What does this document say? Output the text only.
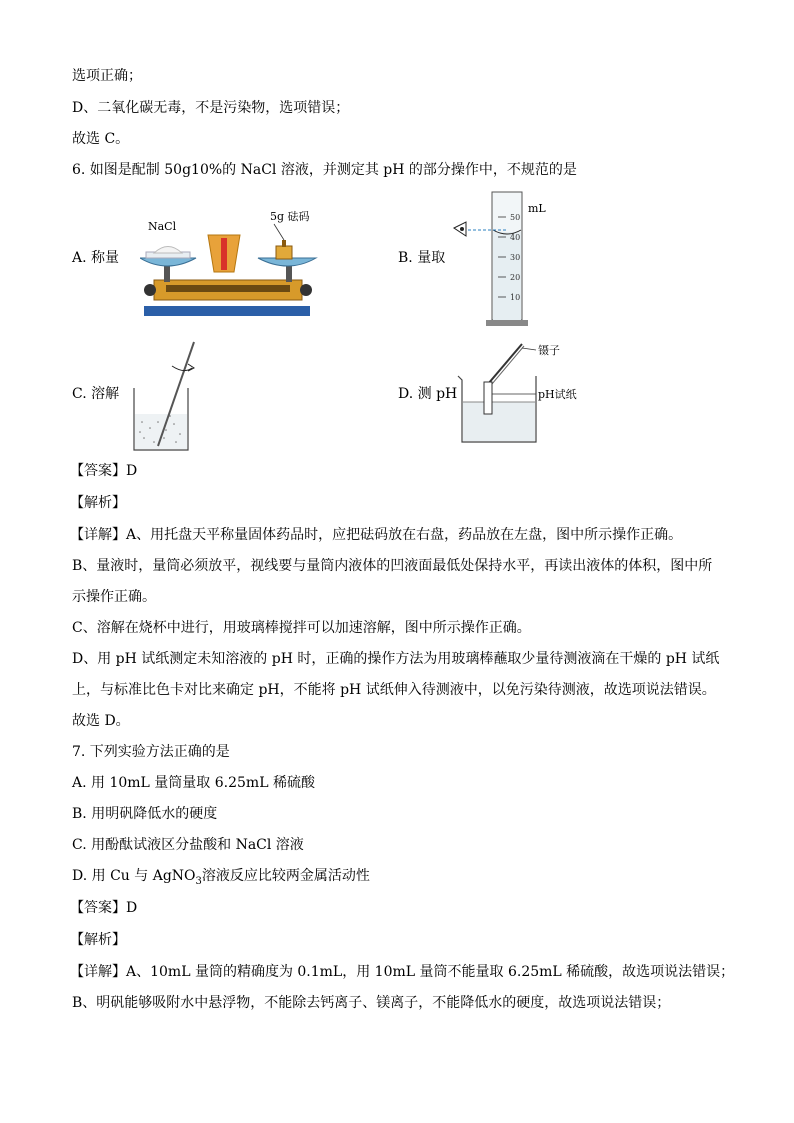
选项正确；
D、二氧化碳无毒，不是污染物，选项错误；
故选 C。
6. 如图是配制 50g10%的 NaCl 溶液，并测定其 pH 的部分操作中，不规范的是
A. 称量
NaCl
5g 砝码
B. 量取
mL
50
40
30
20
10
C. 溶解	D. 测 pH
镊子
pH试纸
【答案】D
【解析】
【详解】A、用托盘天平称量固体药品时，应把砝码放在右盘，药品放在左盘，图中所示操作正确。
B、量液时，量筒必须放平，视线要与量筒内液体的凹液面最低处保持水平，再读出液体的体积，图中所
示操作正确。
C、溶解在烧杯中进行，用玻璃棒搅拌可以加速溶解，图中所示操作正确。
D、用 pH 试纸测定未知溶液的 pH 时，正确的操作方法为用玻璃棒蘸取少量待测液滴在干燥的 pH 试纸
上，与标准比色卡对比来确定 pH，不能将 pH 试纸伸入待测液中，以免污染待测液，故选项说法错误。
故选 D。
7. 下列实验方法正确的是
A. 用 10mL 量筒量取 6.25mL 稀硫酸
B. 用明矾降低水的硬度
C. 用酚酞试液区分盐酸和 NaCl 溶液
D. 用 Cu 与 AgNO$_3$溶液反应比较两金属活动性
【答案】D
【解析】
【详解】A、10mL 量筒的精确度为 0.1mL，用 10mL 量筒不能量取 6.25mL 稀硫酸，故选项说法错误；
B、明矾能够吸附水中悬浮物，不能除去钙离子、镁离子，不能降低水的硬度，故选项说法错误；
